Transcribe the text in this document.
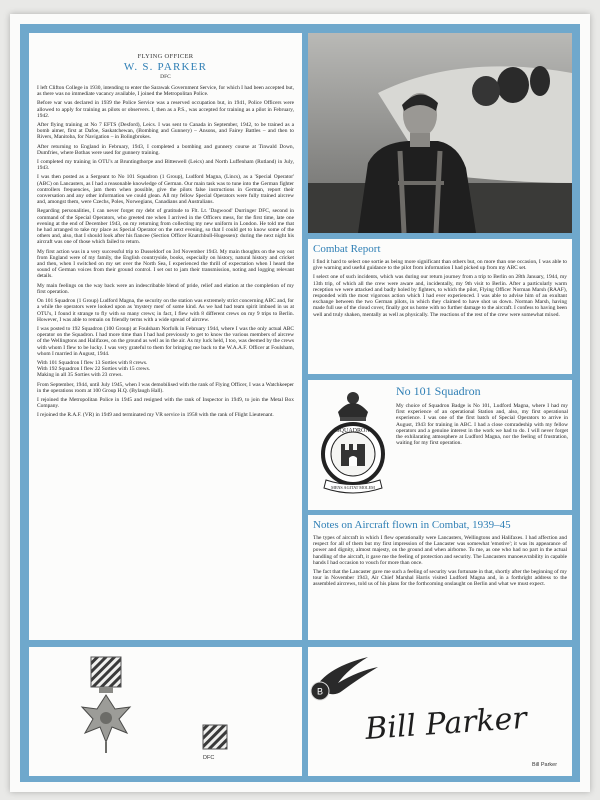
FLYING OFFICER
W. S. PARKER
DFC

I left Clifton College in 1930, intending to enter the Sarawak Government Service, for which I had been accepted but, as there was no immediate vacancy available, I joined the Metropolitan Police.

Before war was declared in 1939 the Police Service was a reserved occupation but, in 1941, Police Officers were allowed to apply for training as pilots or observers. I, then as a P.S., was accepted for training as a pilot in February, 1942.

After flying training at No 7 EFTS (Desford), Leics. I was sent to Canada in September, 1942, to be trained as a bomb aimer, first at Dafoe, Saskatchewan, (Bombing and Gunnery) – Ansons, and Fairey Battles – and then to Rivers, Manitoba, for Navigation – in Bolingbrokes.

After returning to England in February, 1943, I completed a bombing and gunnery course at Tinwald Down, Dumfries, where Bothas were used for gunnery training.

I completed my training in OTU's at Bruntingthorpe and Bitteswell (Leics) and North Luffenham (Rutland) in July, 1943.

I was then posted as a Sergeant to No 101 Squadron (1 Group), Ludford Magna, (Lincs), as a 'Special Operator' (ABC) on Lancasters, as I had a reasonable knowledge of German. Our main task was to tune into the German fighter controllers frequencies, jam them when possible, give the pilots false instructions in German, report their conversation and any other information we could glean. All my fellow Special Operators were fully trained aircrew and, amongst them, were Czechs, Poles, Norwegians, Canadians and Australians.

Regarding personalities, I can never forget my debt of gratitude to Flt. Lt. 'Dagwood' Durringer DFC, second in command of the Special Operators, who greeted me when I arrived in the Officers mess, for the first time, late one evening at the end of December 1943, on my returning from collecting my new uniform in London. He told me that he had arranged to take my place as Special Operator on the next evening, so that I could get to know some of the others and, also, that I should look after his fiancee (Section Officer Knatchbull-Hugessen): during the next night his aircraft was one of those which failed to return.

My first action was in a very successful trip to Dusseldorf on 3rd November 1943. My main thoughts on the way out from England were of my family, the English countryside, books, especially on history, natural history and cricket and then, when I switched on my set over the North Sea, I experienced the thrill of expectation when I heard the sound of German voices from their ground control. I set out to jam their transmission, noting and logging relevant details.

My main feelings on the way back were an indescribable blend of pride, relief and elation at the completion of my first operation.

On 101 Squadron (1 Group) Ludford Magna, the security on the station was extremely strict concerning ABC and, for a while the operators were looked upon as 'mystery men' of some kind. As we had had team spirit imbued in us at OTU's, I found it strange to fly with so many crews; in fact, I flew with 8 different crews on my 9 trips to Berlin. However, I was able to remain on friendly terms with a wide spread of aircrew.

I was posted to 192 Squadron (100 Group) at Foulsham Norfolk in February 1944, where I was the only actual ABC operator on the Squadron. I had more time than I had had previously to get to know the various members of aircrew of the Wellingtons and Halifaxes, on the ground as well as in the air. As my luck held, I too, was deemed by the crews with whom I flew to be lucky. I was very grateful to them for bringing me back to the W.A.A.F. Officer at Foulsham, whom I married in August, 1944.

With 101 Squadron I flew 13 Sorties with 8 crews.
With 192 Squadron I flew 22 Sorties with 15 crews.
Making in all 35 Sorties with 23 crews.

From September, 1944, until July 1945, when I was demobilised with the rank of Flying Officer, I was a Watchkeeper in the operations room at 100 Group H.Q. (Bylaugh Hall).

I rejoined the Metropolitan Police in 1945 and resigned with the rank of Inspector in 1949, to join the Metal Box Company.

I rejoined the R.A.F. (VR) in 1949 and terminated my VR service in 1958 with the rank of Flight Lieutenant.

Combat Report

I find it hard to select one sortie as being more significant than others but, on more than one occasion, I was able to give warning and useful guidance to the pilot from information I had picked up from my ABC set.

I select one of such incidents, which was during our return journey from a trip to Berlin on 28th January, 1944, my 13th trip, of which all the crew were aware and, incidentally, my 9th visit to Berlin. After a particularly warm reception we were attacked and badly holed by fighters, to which the pilot, Flying Officer Norman Marsh (RAAF), responded with the most vigorous action which I had ever experienced. I was able to advise him of an exultant exchange between the two German pilots, in which they claimed to have shot us down. Norman Marsh, having made full use of the cloud cover, finally got us home with no further damage to the aircraft. I confess to having been well and truly shaken, mentally as well as physically. The reactions of the rest of the crew were somewhat mixed.

SQUADRON
MENS AGITAT MOLEM
No 101 Squadron

My choice of Squadron Badge is No 101, Ludford Magna, where I had my first experience of an operational Station and, also, my first operational experience. I was one of the first batch of Special Operators to arrive in August, 1943 for training in ABC. I had a close comradeship with my fellow operators and a genuine interest in the work we had to do. I will never forget the exhilarating atmosphere at Ludford Magna, nor the feeling of frustration, waiting for my first operation.

Notes on Aircraft flown in Combat, 1939–45

The types of aircraft in which I flew operationally were Lancasters, Wellingtons and Halifaxes. I had affection and respect for all of them but my first impression of the Lancaster was somewhat 'emotive'; it was its appearance of power and dignity, almost majesty, on the ground and when airborne. To me, as one who had no part in the actual handling of the aircraft, it gave me the feeling of protection and security. The Lancasters manoeuvrability in capable hands I had occasion to vouch for more than once.

The fact that the Lancaster gave me such a feeling of security was fortunate in that, shortly after the beginning of my tour in November 1943, Air Chief Marshal Harris visited Ludford Magna and, in a forthright address to the assembled aircrews, told us of his plans for the forthcoming onslaught on Berlin and what we must expect.

DFC
B
Bill Parker
Bill Parker
